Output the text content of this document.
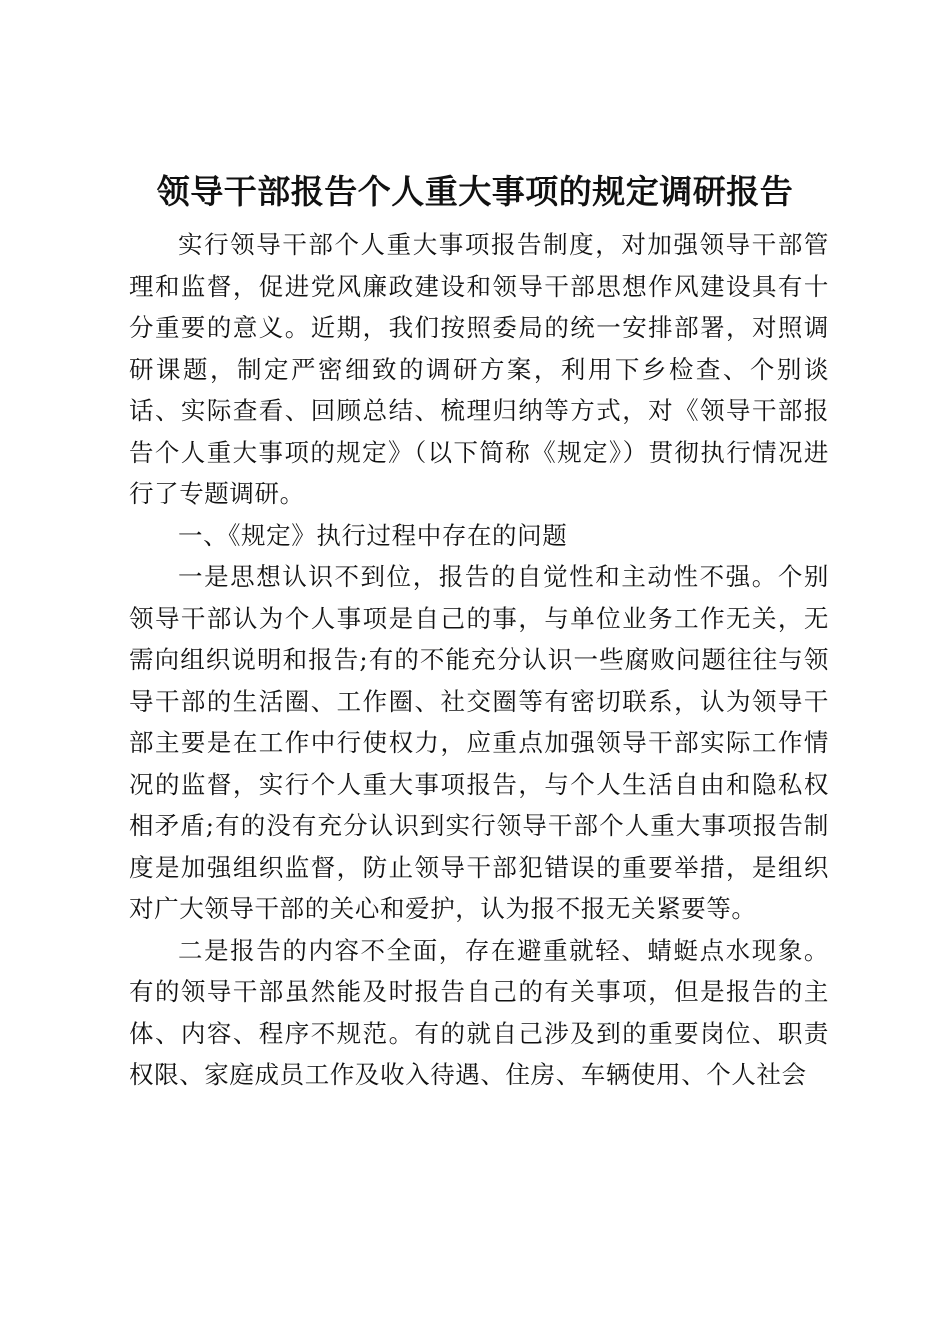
领导干部报告个人重大事项的规定调研报告

实行领导干部个人重大事项报告制度，对加强领导干部管理和监督，促进党风廉政建设和领导干部思想作风建设具有十分重要的意义。近期，我们按照委局的统一安排部署，对照调研课题，制定严密细致的调研方案，利用下乡检查、个别谈话、实际查看、回顾总结、梳理归纳等方式，对《领导干部报告个人重大事项的规定》（以下简称《规定》）贯彻执行情况进行了专题调研。

一、《规定》执行过程中存在的问题

一是思想认识不到位，报告的自觉性和主动性不强。个别领导干部认为个人事项是自己的事，与单位业务工作无关，无需向组织说明和报告;有的不能充分认识一些腐败问题往往与领导干部的生活圈、工作圈、社交圈等有密切联系，认为领导干部主要是在工作中行使权力，应重点加强领导干部实际工作情况的监督，实行个人重大事项报告，与个人生活自由和隐私权相矛盾;有的没有充分认识到实行领导干部个人重大事项报告制度是加强组织监督，防止领导干部犯错误的重要举措，是组织对广大领导干部的关心和爱护，认为报不报无关紧要等。

二是报告的内容不全面，存在避重就轻、蜻蜓点水现象。有的领导干部虽然能及时报告自己的有关事项，但是报告的主体、内容、程序不规范。有的就自己涉及到的重要岗位、职责权限、家庭成员工作及收入待遇、住房、车辆使用、个人社会
